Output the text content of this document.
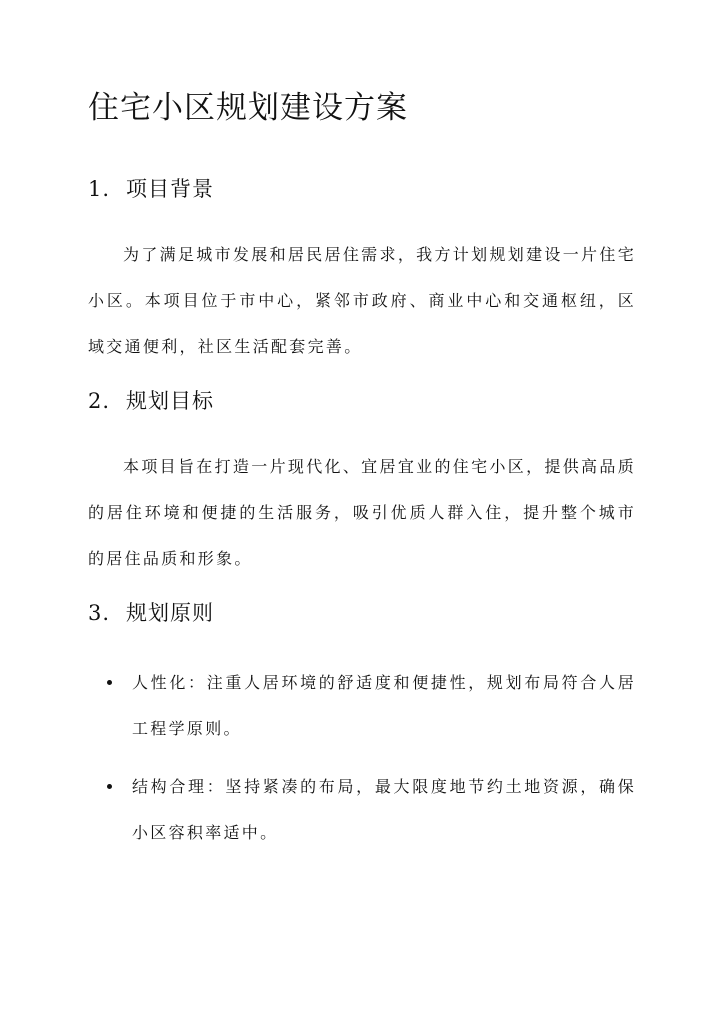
住宅小区规划建设方案
1. 项目背景

为了满足城市发展和居民居住需求，我方计划规划建设一片住宅小区。本项目位于市中心，紧邻市政府、商业中心和交通枢纽，区域交通便利，社区生活配套完善。

2. 规划目标

本项目旨在打造一片现代化、宜居宜业的住宅小区，提供高品质的居住环境和便捷的生活服务，吸引优质人群入住，提升整个城市的居住品质和形象。

3. 规划原则
人性化：注重人居环境的舒适度和便捷性，规划布局符合人居工程学原则。
结构合理：坚持紧凑的布局，最大限度地节约土地资源，确保小区容积率适中。
